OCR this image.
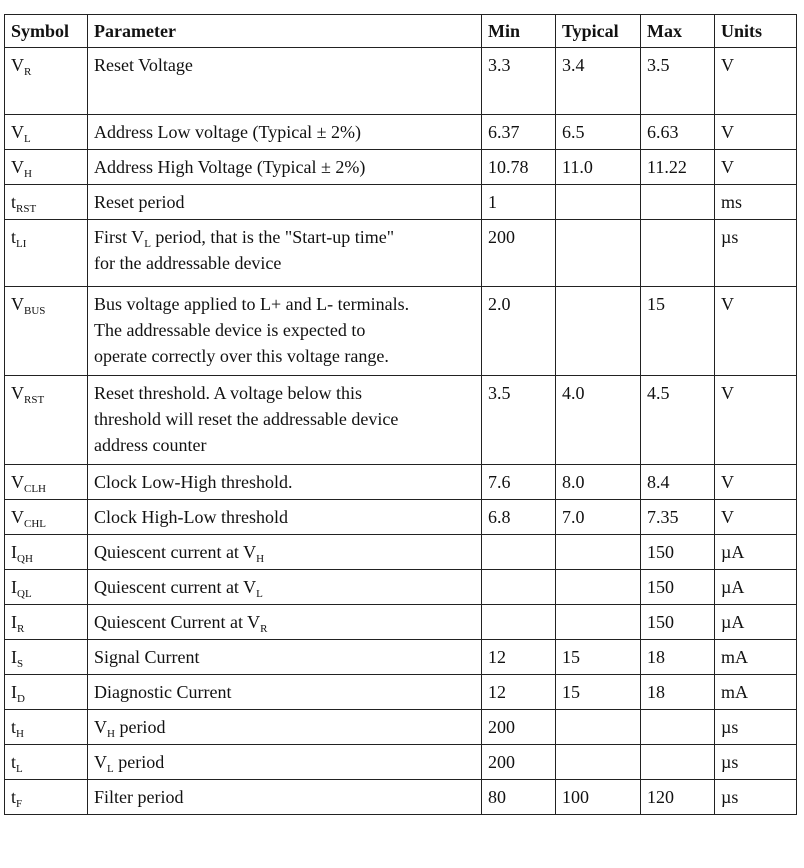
Symbol	Parameter	Min	Typical	Max	Units
$V_R$	Reset Voltage	3.3	3.4	3.5	V
$V_L$	Address Low voltage (Typical ± 2%)	6.37	6.5	6.63	V
$V_H$	Address High Voltage (Typical ± 2%)	10.78	11.0	11.22	V
$t_{RST}$	Reset period	1			ms
$t_{LI}$	First $V_L$ period, that is the "Start-up time"
for the addressable device	200			µs
$V_{BUS}$	Bus voltage applied to L+ and L- terminals.
The addressable device is expected to
operate correctly over this voltage range.	2.0		15	V
$V_{RST}$	Reset threshold. A voltage below this
threshold will reset the addressable device
address counter	3.5	4.0	4.5	V
$V_{CLH}$	Clock Low-High threshold.	7.6	8.0	8.4	V
$V_{CHL}$	Clock High-Low threshold	6.8	7.0	7.35	V
$I_{QH}$	Quiescent current at $V_H$			150	µA
$I_{QL}$	Quiescent current at $V_L$			150	µA
$I_R$	Quiescent Current at $V_R$			150	µA
$I_S$	Signal Current	12	15	18	mA
$I_D$	Diagnostic Current	12	15	18	mA
$t_H$	$V_H$ period	200			µs
$t_L$	$V_L$ period	200			µs
$t_F$	Filter period	80	100	120	µs
